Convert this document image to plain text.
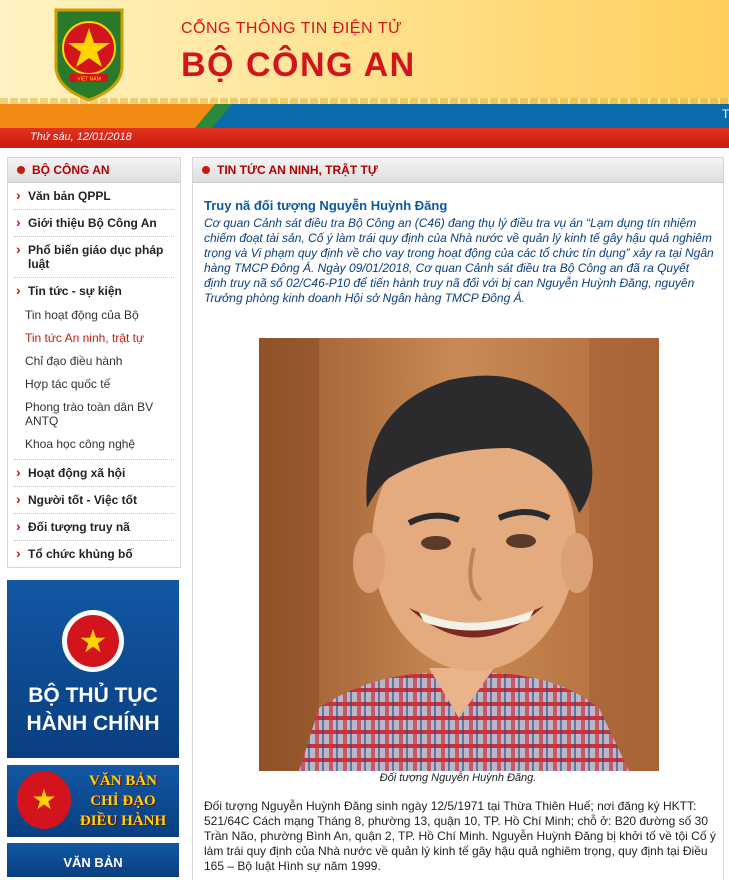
VIỆT NAM
CỔNG THÔNG TIN ĐIỆN TỬ
BỘ CÔNG AN
T
Thứ sáu, 12/01/2018
BỘ CÔNG AN
› Văn bản QPPL
› Giới thiệu Bộ Công An
› Phổ biến giáo dục pháp luật
› Tin tức - sự kiện
Tin hoạt động của Bộ
Tin tức An ninh, trật tự
Chỉ đạo điều hành
Hợp tác quốc tế
Phong trào toàn dân BV ANTQ
Khoa học công nghệ
› Hoạt động xã hội
› Người tốt - Việc tốt
› Đối tượng truy nã
› Tổ chức khủng bố
★
BỘ THỦ TỤC
HÀNH CHÍNH
★
VĂN BẢN
CHỈ ĐẠO
ĐIỀU HÀNH
VĂN BẢN
TIN TỨC AN NINH, TRẬT TỰ
Truy nã đối tượng Nguyễn Huỳnh Đăng
Cơ quan Cảnh sát điều tra Bộ Công an (C46) đang thụ lý điều tra vụ án “Lạm dụng tín nhiệm chiếm đoạt tài sản, Cố ý làm trái quy định của Nhà nước về quản lý kinh tế gây hậu quả nghiêm trọng và Vi phạm quy định về cho vay trong hoạt động của các tổ chức tín dụng” xảy ra tại Ngân hàng TMCP Đông Á. Ngày 09/01/2018, Cơ quan Cảnh sát điều tra Bộ Công an đã ra Quyết định truy nã số 02/C46-P10 để tiến hành truy nã đối với bị can Nguyễn Huỳnh Đăng, nguyên Trưởng phòng kinh doanh Hội sở Ngân hàng TMCP Đông Á.
Đối tượng Nguyễn Huỳnh Đăng.
Đối tượng Nguyễn Huỳnh Đăng sinh ngày 12/5/1971 tại Thừa Thiên Huế; nơi đăng ký HKTT: 521/64C Cách mạng Tháng 8, phường 13, quận 10, TP. Hồ Chí Minh; chỗ ở: B20 đường số 30 Trần Não, phường Bình An, quận 2, TP. Hồ Chí Minh. Nguyễn Huỳnh Đăng bị khởi tố về tội Cố ý làm trái quy định của Nhà nước về quản lý kinh tế gây hậu quả nghiêm trọng, quy định tại Điều 165 – Bộ luật Hình sự năm 1999.
